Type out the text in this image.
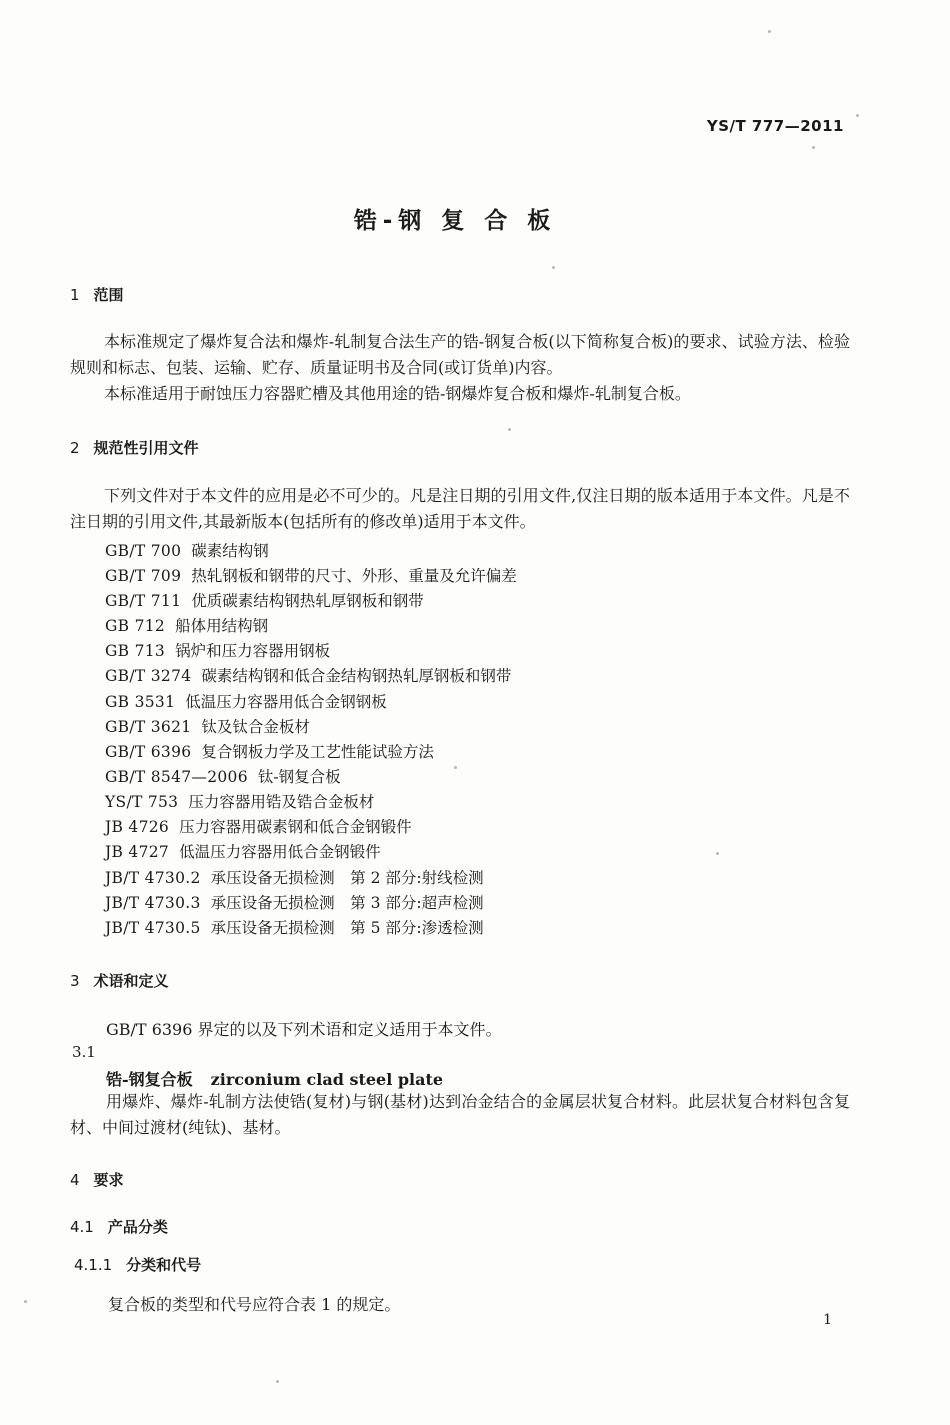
YS/T 777—2011
锆-钢 复 合 板
1 范围
本标准规定了爆炸复合法和爆炸-轧制复合法生产的锆-钢复合板(以下简称复合板)的要求、试验方法、检验规则和标志、包装、运输、贮存、质量证明书及合同(或订货单)内容。
本标准适用于耐蚀压力容器贮槽及其他用途的锆-钢爆炸复合板和爆炸-轧制复合板。
2 规范性引用文件
下列文件对于本文件的应用是必不可少的。凡是注日期的引用文件,仅注日期的版本适用于本文件。凡是不注日期的引用文件,其最新版本(包括所有的修改单)适用于本文件。
GB/T 700 碳素结构钢
GB/T 709 热轧钢板和钢带的尺寸、外形、重量及允许偏差
GB/T 711 优质碳素结构钢热轧厚钢板和钢带
GB 712 船体用结构钢
GB 713 锅炉和压力容器用钢板
GB/T 3274 碳素结构钢和低合金结构钢热轧厚钢板和钢带
GB 3531 低温压力容器用低合金钢钢板
GB/T 3621 钛及钛合金板材
GB/T 6396 复合钢板力学及工艺性能试验方法
GB/T 8547—2006 钛-钢复合板
YS/T 753 压力容器用锆及锆合金板材
JB 4726 压力容器用碳素钢和低合金钢锻件
JB 4727 低温压力容器用低合金钢锻件
JB/T 4730.2 承压设备无损检测　第 2 部分:射线检测
JB/T 4730.3 承压设备无损检测　第 3 部分:超声检测
JB/T 4730.5 承压设备无损检测　第 5 部分:渗透检测
3 术语和定义
GB/T 6396 界定的以及下列术语和定义适用于本文件。
3.1
锆-钢复合板 zirconium clad steel plate
用爆炸、爆炸-轧制方法使锆(复材)与钢(基材)达到冶金结合的金属层状复合材料。此层状复合材料包含复材、中间过渡材(纯钛)、基材。
4 要求
4.1 产品分类
4.1.1 分类和代号
复合板的类型和代号应符合表 1 的规定。
1
